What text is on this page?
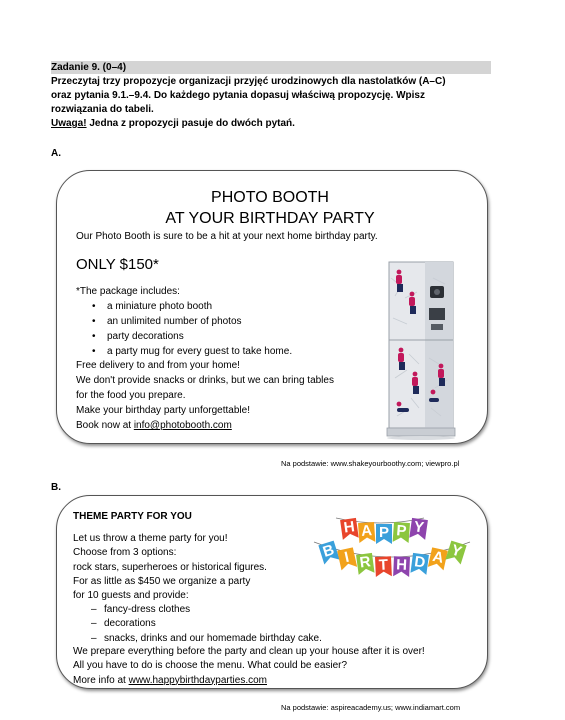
Zadanie 9. (0–4)

Przeczytaj trzy propozycje organizacji przyjęć urodzinowych dla nastolatków (A–C)

oraz pytania 9.1.–9.4. Do każdego pytania dopasuj właściwą propozycję. Wpisz

rozwiązania do tabeli.

Uwaga! Jedna z propozycji pasuje do dwóch pytań.

A.
PHOTO BOOTH
AT YOUR BIRTHDAY PARTY
Our Photo Booth is sure to be a hit at your next home birthday party.
ONLY $150*
*The package includes:
• a miniature photo booth
• an unlimited number of photos
• party decorations
• a party mug for every guest to take home.
Free delivery to and from your home!
We don't provide snacks or drinks, but we can bring tables
for the food you prepare.
Make your birthday party unforgettable!
Book now at info@photobooth.com
Na podstawie: www.shakeyourboothy.com; viewpro.pl
B.
THEME PARTY FOR YOU
H A P P Y
B I R T H D A Y
Let us throw a theme party for you!
Choose from 3 options:
rock stars, superheroes or historical figures.
For as little as $450 we organize a party
for 10 guests and provide:
– fancy-dress clothes
– decorations
– snacks, drinks and our homemade birthday cake.
We prepare everything before the party and clean up your house after it is over!
All you have to do is choose the menu. What could be easier?
More info at www.happybirthdayparties.com
Na podstawie: aspireacademy.us; www.indiamart.com
